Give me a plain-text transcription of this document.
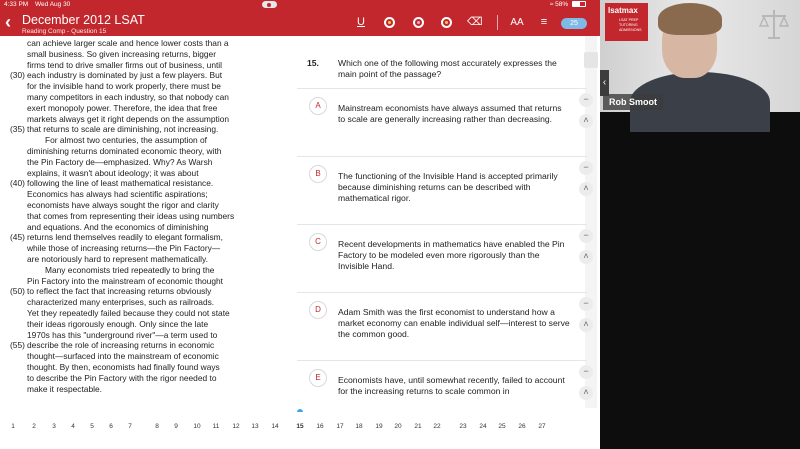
4:33 PM Wed Aug 30	≈ 58%
‹ December 2012 LSAT
Reading Comp - Question 15
U	⌫	AA	≡	25
can achieve larger scale and hence lower costs than a
small business. So given increasing returns, bigger
firms tend to drive smaller firms out of business, until
(30) each industry is dominated by just a few players. But
for the invisible hand to work properly, there must be
many competitors in each industry, so that nobody can
exert monopoly power. Therefore, the idea that free
markets always get it right depends on the assumption
(35) that returns to scale are diminishing, not increasing.
For almost two centuries, the assumption of
diminishing returns dominated economic theory, with
the Pin Factory de—emphasized. Why? As Warsh
explains, it wasn't about ideology; it was about
(40) following the line of least mathematical resistance.
Economics has always had scientific aspirations;
economists have always sought the rigor and clarity
that comes from representing their ideas using numbers
and equations. And the economics of diminishing
(45) returns lend themselves readily to elegant formalism,
while those of increasing returns—the Pin Factory—
are notoriously hard to represent mathematically.
Many economists tried repeatedly to bring the
Pin Factory into the mainstream of economic thought
(50) to reflect the fact that increasing returns obviously
characterized many enterprises, such as railroads.
Yet they repeatedly failed because they could not state
their ideas rigorously enough. Only since the late
1970s has this "underground river"—a term used to
(55) describe the role of increasing returns in economic
thought—surfaced into the mainstream of economic
thought. By then, economists had finally found ways
to describe the Pin Factory with the rigor needed to
make it respectable.
15. Which one of the following most accurately expresses the main point of the passage?
1	2	3	4	5	6	7	8	9	10	11	12	13	14	15	16	17	18	19	20	21	22	23	24	25	26	27
A	Mainstream economists have always assumed that returns to scale are generally increasing rather than decreasing.
−
˄
B	The functioning of the Invisible Hand is accepted primarily because diminishing returns can be described with mathematical rigor.
−
˄
C	Recent developments in mathematics have enabled the Pin Factory to be modeled even more rigorously than the Invisible Hand.
−
˄
D	Adam Smith was the first economist to understand how a market economy can enable individual self—interest to serve the common good.
−
˄
E	Economists have, until somewhat recently, failed to account for the increasing returns to scale common in
−
˄
lsatmax
LSAT PREP TUTORING ADMISSIONS
‹
Rob Smoot
